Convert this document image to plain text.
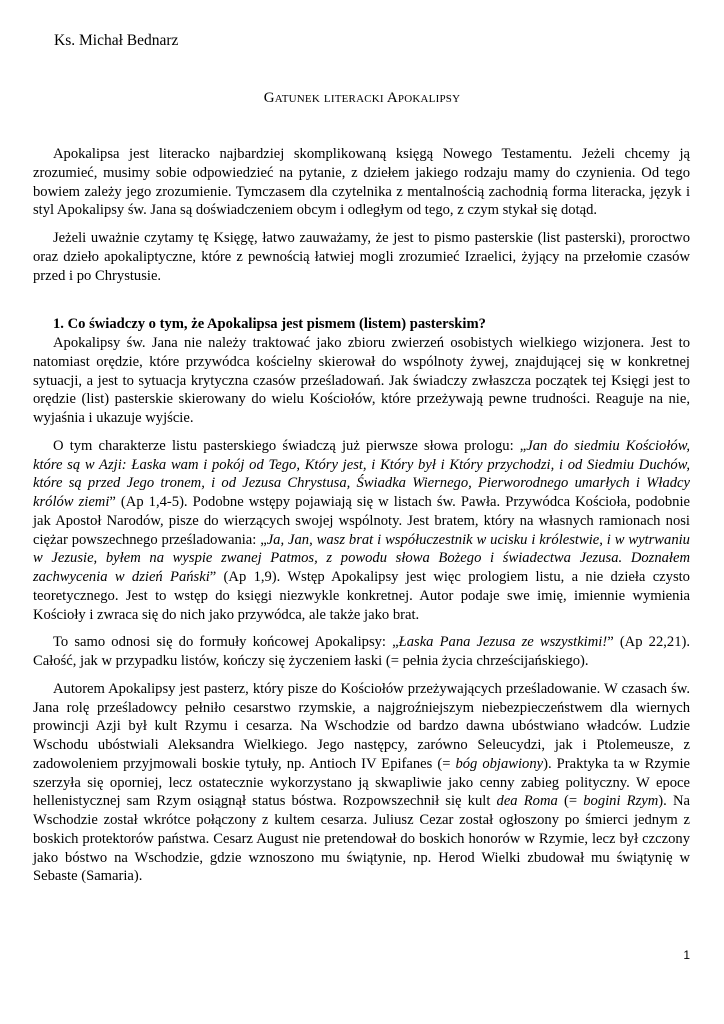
Ks. Michał Bednarz

Gatunek literacki Apokalipsy

Apokalipsa jest literacko najbardziej skomplikowaną księgą Nowego Testamentu. Jeżeli chcemy ją zrozumieć, musimy sobie odpowiedzieć na pytanie, z dziełem jakiego rodzaju mamy do czynienia. Od tego bowiem zależy jego zrozumienie. Tymczasem dla czytelnika z mentalnością zachodnią forma literacka, język i styl Apokalipsy św. Jana są doświadczeniem obcym i odległym od tego, z czym stykał się dotąd.

Jeżeli uważnie czytamy tę Księgę, łatwo zauważamy, że jest to pismo pasterskie (list pasterski), proroctwo oraz dzieło apokaliptyczne, które z pewnością łatwiej mogli zrozumieć Izraelici, żyjący na przełomie czasów przed i po Chrystusie.

1. Co świadczy o tym, że Apokalipsa jest pismem (listem) pasterskim?

Apokalipsy św. Jana nie należy traktować jako zbioru zwierzeń osobistych wielkiego wizjonera. Jest to natomiast orędzie, które przywódca kościelny skierował do wspólnoty żywej, znajdującej się w konkretnej sytuacji, a jest to sytuacja krytyczna czasów prześladowań. Jak świadczy zwłaszcza początek tej Księgi jest to orędzie (list) pasterskie skierowany do wielu Kościołów, które przeżywają pewne trudności. Reaguje na nie, wyjaśnia i ukazuje wyjście.

O tym charakterze listu pasterskiego świadczą już pierwsze słowa prologu: „Jan do siedmiu Kościołów, które są w Azji: Łaska wam i pokój od Tego, Który jest, i Który był i Który przychodzi, i od Siedmiu Duchów, które są przed Jego tronem, i od Jezusa Chrystusa, Świadka Wiernego, Pierworodnego umarłych i Władcy królów ziemi” (Ap 1,4-5). Podobne wstępy pojawiają się w listach św. Pawła. Przywódca Kościoła, podobnie jak Apostoł Narodów, pisze do wierzących swojej wspólnoty. Jest bratem, który na własnych ramionach nosi ciężar powszechnego prześladowania: „Ja, Jan, wasz brat i współuczestnik w ucisku i królestwie, i w wytrwaniu w Jezusie, byłem na wyspie zwanej Patmos, z powodu słowa Bożego i świadectwa Jezusa. Doznałem zachwycenia w dzień Pański” (Ap 1,9). Wstęp Apokalipsy jest więc prologiem listu, a nie dzieła czysto teoretycznego. Jest to wstęp do księgi niezwykle konkretnej. Autor podaje swe imię, imiennie wymienia Kościoły i zwraca się do nich jako przywódca, ale także jako brat.

To samo odnosi się do formuły końcowej Apokalipsy: „Łaska Pana Jezusa ze wszystkimi!” (Ap 22,21). Całość, jak w przypadku listów, kończy się życzeniem łaski (= pełnia życia chrześcijańskiego).

Autorem Apokalipsy jest pasterz, który pisze do Kościołów przeżywających prześladowanie. W czasach św. Jana rolę prześladowcy pełniło cesarstwo rzymskie, a najgroźniejszym niebezpieczeństwem dla wiernych prowincji Azji był kult Rzymu i cesarza. Na Wschodzie od bardzo dawna ubóstwiano władców. Ludzie Wschodu ubóstwiali Aleksandra Wielkiego. Jego następcy, zarówno Seleucydzi, jak i Ptolemeusze, z zadowoleniem przyjmowali boskie tytuły, np. Antioch IV Epifanes (= bóg objawiony). Praktyka ta w Rzymie szerzyła się oporniej, lecz ostatecznie wykorzystano ją skwapliwie jako cenny zabieg polityczny. W epoce hellenistycznej sam Rzym osiągnął status bóstwa. Rozpowszechnił się kult dea Roma (= bogini Rzym). Na Wschodzie został wkrótce połączony z kultem cesarza. Juliusz Cezar został ogłoszony po śmierci jednym z boskich protektorów państwa. Cesarz August nie pretendował do boskich honorów w Rzymie, lecz był czczony jako bóstwo na Wschodzie, gdzie wznoszono mu świątynie, np. Herod Wielki zbudował mu świątynię w Sebaste (Samaria).

1
